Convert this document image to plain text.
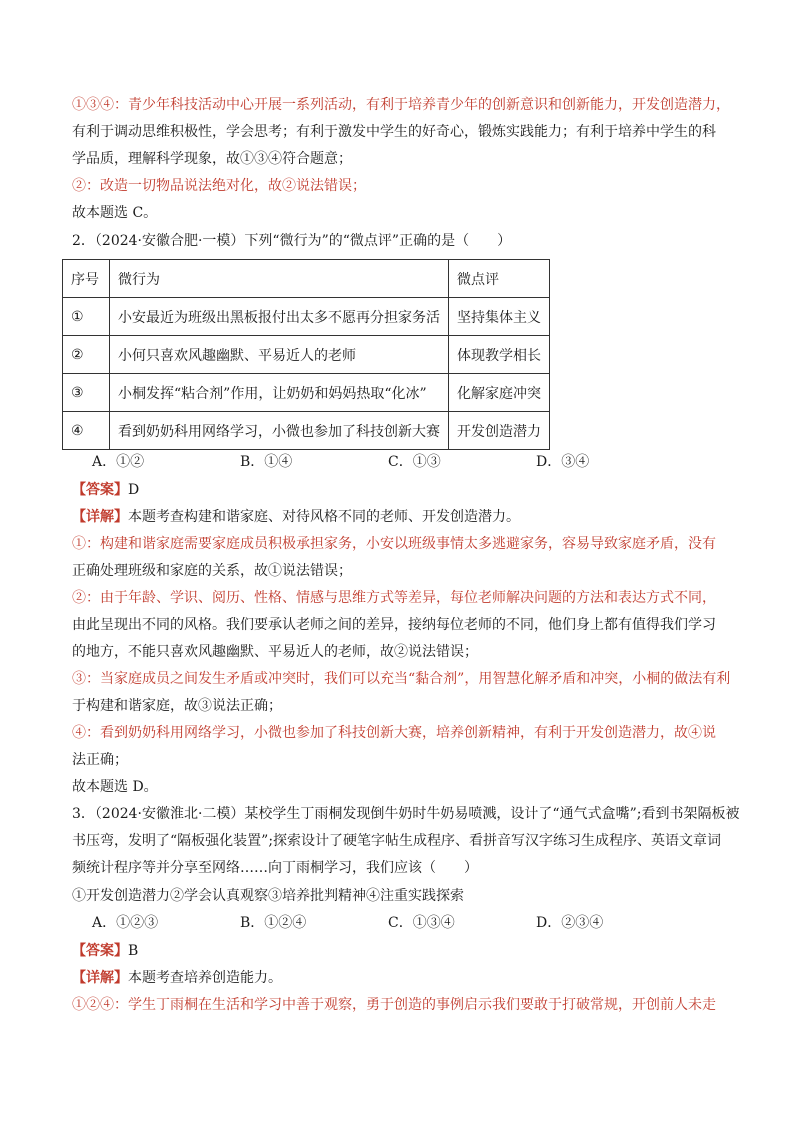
①③④：青少年科技活动中心开展一系列活动，有利于培养青少年的创新意识和创新能力，开发创造潜力，
有利于调动思维积极性，学会思考；有利于激发中学生的好奇心，锻炼实践能力；有利于培养中学生的科
学品质，理解科学现象，故①③④符合题意；
②：改造一切物品说法绝对化，故②说法错误；
故本题选 C。
2．（2024·安徽合肥·一模）下列“微行为”的“微点评”正确的是（　　）
序号	微行为	微点评
①	小安最近为班级出黑板报付出太多不愿再分担家务活	坚持集体主义
②	小何只喜欢风趣幽默、平易近人的老师	体现教学相长
③	小桐发挥“粘合剂”作用，让奶奶和妈妈热取“化冰”	化解家庭冲突
④	看到奶奶科用网络学习，小微也参加了科技创新大赛	开发创造潜力
A．①②	B．①④	C．①③	D．③④
【答案】D
【详解】本题考查构建和谐家庭、对待风格不同的老师、开发创造潜力。
①：构建和谐家庭需要家庭成员积极承担家务，小安以班级事情太多逃避家务，容易导致家庭矛盾，没有
正确处理班级和家庭的关系，故①说法错误；
②：由于年龄、学识、阅历、性格、情感与思维方式等差异，每位老师解决问题的方法和表达方式不同，
由此呈现出不同的风格。我们要承认老师之间的差异，接纳每位老师的不同，他们身上都有值得我们学习
的地方，不能只喜欢风趣幽默、平易近人的老师，故②说法错误；
③：当家庭成员之间发生矛盾或冲突时，我们可以充当“黏合剂”，用智慧化解矛盾和冲突，小桐的做法有利
于构建和谐家庭，故③说法正确；
④：看到奶奶科用网络学习，小微也参加了科技创新大赛，培养创新精神，有利于开发创造潜力，故④说
法正确；
故本题选 D。
3．（2024·安徽淮北·二模）某校学生丁雨桐发现倒牛奶时牛奶易喷溅，设计了“通气式盒嘴”;看到书架隔板被
书压弯，发明了“隔板强化装置”;探索设计了硬笔字帖生成程序、看拼音写汉字练习生成程序、英语文章词
频统计程序等并分享至网络……向丁雨桐学习，我们应该（　　）
①开发创造潜力②学会认真观察③培养批判精神④注重实践探索
A．①②③	B．①②④	C．①③④	D．②③④
【答案】B
【详解】本题考查培养创造能力。
①②④：学生丁雨桐在生活和学习中善于观察，勇于创造的事例启示我们要敢于打破常规，开创前人未走
